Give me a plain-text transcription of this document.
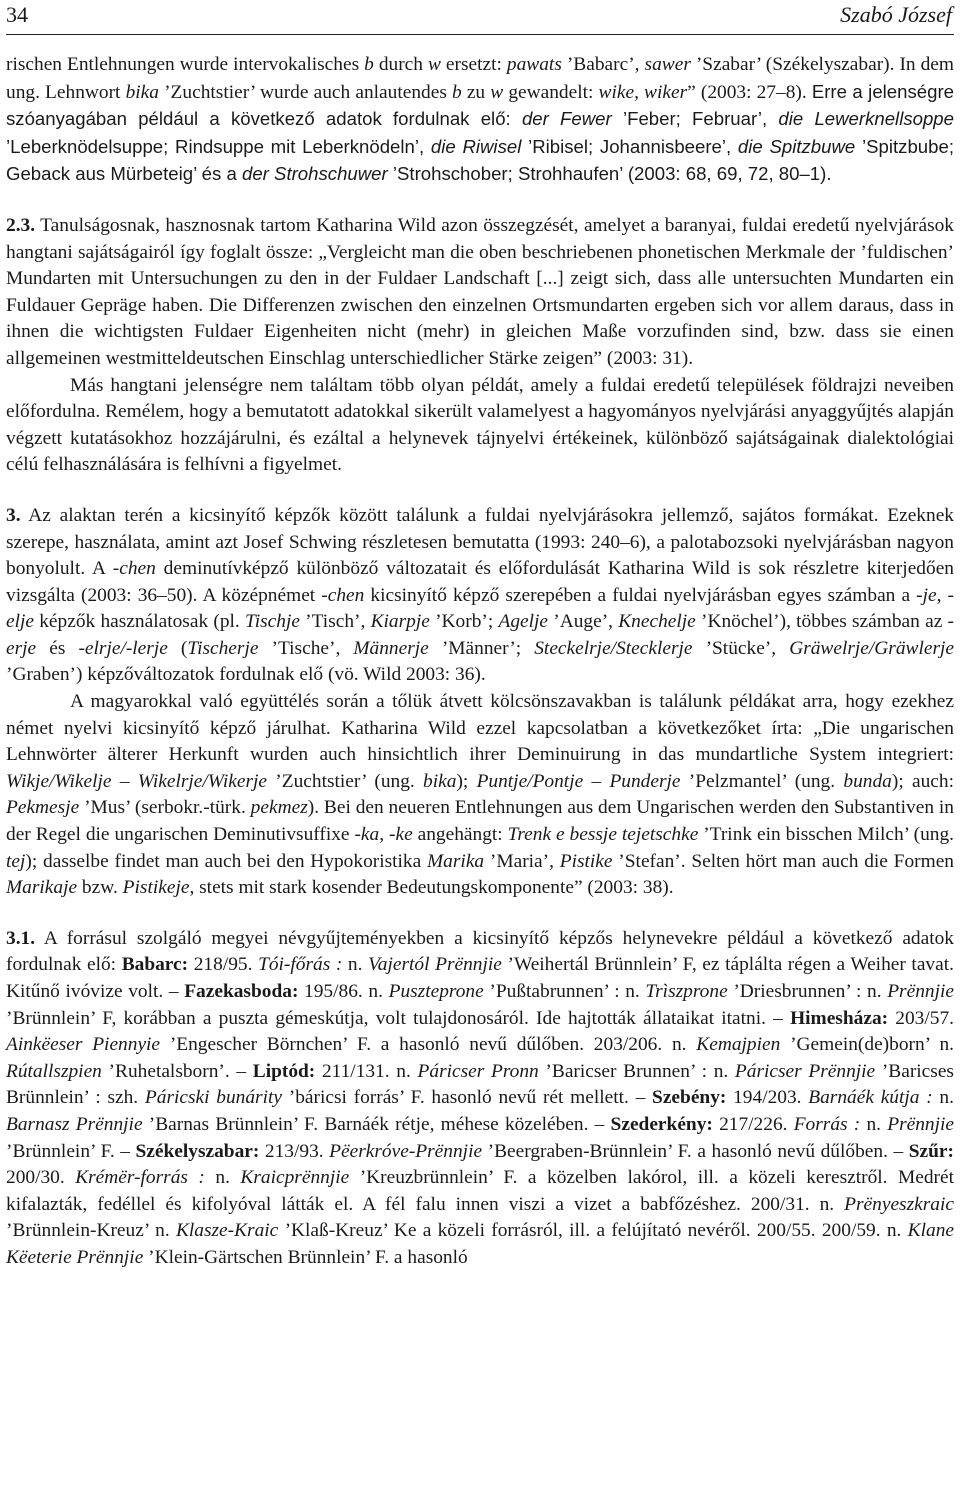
34	Szabó József

rischen Entlehnungen wurde intervokalisches b durch w ersetzt: pawats ’Babarc’, sawer ’Szabar’ (Székelyszabar). In dem ung. Lehnwort bika ’Zuchtstier’ wurde auch anlautendes b zu w gewandelt: wike, wiker” (2003: 27–8). Erre a jelenségre szóanyagában például a következő adatok fordulnak elő: der Fewer ’Feber; Februar’, die Lewerknellsoppe ’Leberknödelsuppe; Rindsuppe mit Leberknödeln’, die Riwisel ’Ribisel; Johannisbeere’, die Spitzbuwe ’Spitzbube; Geback aus Mürbeteig’ és a der Strohschuwer ’Strohschober; Strohhaufen’ (2003: 68, 69, 72, 80–1).

2.3. Tanulságosnak, hasznosnak tartom Katharina Wild azon összegzését, amelyet a baranyai, fuldai eredetű nyelvjárások hangtani sajátságairól így foglalt össze: „Vergleicht man die oben beschriebenen phonetischen Merkmale der ’fuldischen’ Mundarten mit Untersuchungen zu den in der Fuldaer Landschaft [...] zeigt sich, dass alle untersuchten Mundarten ein Fuldauer Gepräge haben. Die Differenzen zwischen den einzelnen Ortsmundarten ergeben sich vor allem daraus, dass in ihnen die wichtigsten Fuldaer Eigenheiten nicht (mehr) in gleichen Maße vorzufinden sind, bzw. dass sie einen allgemeinen westmitteldeutschen Einschlag unterschiedlicher Stärke zeigen” (2003: 31).

Más hangtani jelenségre nem találtam több olyan példát, amely a fuldai eredetű települések földrajzi neveiben előfordulna. Remélem, hogy a bemutatott adatokkal sikerült valamelyest a hagyományos nyelvjárási anyaggyűjtés alapján végzett kutatásokhoz hozzájárulni, és ezáltal a helynevek tájnyelvi értékeinek, különböző sajátságainak dialektológiai célú felhasználására is felhívni a figyelmet.

3. Az alaktan terén a kicsinyítő képzők között találunk a fuldai nyelvjárásokra jellemző, sajátos formákat. Ezeknek szerepe, használata, amint azt Josef Schwing részletesen bemutatta (1993: 240–6), a palotabozsoki nyelvjárásban nagyon bonyolult. A -chen deminutívképző különböző változatait és előfordulását Katharina Wild is sok részletre kiterjedően vizsgálta (2003: 36–50). A középnémet -chen kicsinyítő képző szerepében a fuldai nyelvjárásban egyes számban a -je, -elje képzők használatosak (pl. Tischje ’Tisch’, Kiarpje ’Korb’; Agelje ’Auge’, Knechelje ’Knöchel’), többes számban az -erje és -elrje/-lerje (Tischerje ’Tische’, Männerje ’Männer’; Steckelrje/Stecklerje ’Stücke’, Gräwelrje/Gräwlerje ’Graben’) képzőváltozatok fordulnak elő (vö. Wild 2003: 36).

A magyarokkal való együttélés során a tőlük átvett kölcsönszavakban is találunk példákat arra, hogy ezekhez német nyelvi kicsinyítő képző járulhat. Katharina Wild ezzel kapcsolatban a következőket írta: „Die ungarischen Lehnwörter älterer Herkunft wurden auch hinsichtlich ihrer Deminuirung in das mundartliche System integriert: Wikje/Wikelje – Wikelrje/Wikerje ’Zuchtstier’ (ung. bika); Puntje/Pontje – Punderje ’Pelzmantel’ (ung. bunda); auch: Pekmesje ’Mus’ (serbokr.-türk. pekmez). Bei den neueren Entlehnungen aus dem Ungarischen werden den Substantiven in der Regel die ungarischen Deminutivsuffixe -ka, -ke angehängt: Trenk e bessje tejetschke ’Trink ein bisschen Milch’ (ung. tej); dasselbe findet man auch bei den Hypokoristika Marika ’Maria’, Pistike ’Stefan’. Selten hört man auch die Formen Marikaje bzw. Pistikeje, stets mit stark kosender Bedeutungskomponente” (2003: 38).

3.1. A forrásul szolgáló megyei névgyűjteményekben a kicsinyítő képzős helynevekre például a következő adatok fordulnak elő: Babarc: 218/95. Tói-főrás : n. Vajertól Prënnjie ’Weihertál Brünnlein’ F, ez táplálta régen a Weiher tavat. Kitűnő ivóvize volt. – Fazekasboda: 195/86. n. Puszteprone ’Pußtabrunnen’ : n. Trìszprone ’Driesbrunnen’ : n. Prënnjie ’Brünnlein’ F, korábban a puszta gémeskútja, volt tulajdonosáról. Ide hajtották állataikat itatni. – Himesháza: 203/57. Ainkëeser Piennyie ’Engescher Börnchen’ F. a hasonló nevű dűlőben. 203/206. n. Kemajpien ’Gemein(de)born’ n. Rútallszpien ’Ruhetalsborn’. – Liptód: 211/131. n. Páricser Pronn ’Baricser Brunnen’ : n. Páricser Prënnjie ’Baricses Brünnlein’ : szh. Páricski bunárity ’báricsi forrás’ F. hasonló nevű rét mellett. – Szebény: 194/203. Barnáék kútja : n. Barnasz Prënnjie ’Barnas Brünnlein’ F. Barnáék rétje, méhese közelében. – Szederkény: 217/226. Forrás : n. Prënnjie ’Brünnlein’ F. – Székelyszabar: 213/93. Pëerkróve-Prënnjie ’Beergraben-Brünnlein’ F. a hasonló nevű dűlőben. – Szűr: 200/30. Krémër-forrás : n. Kraicprënnjie ’Kreuzbrünnlein’ F. a közelben lakórol, ill. a közeli keresztről. Medrét kifalazták, fedéllel és kifolyóval látták el. A fél falu innen viszi a vizet a babfőzéshez. 200/31. n. Prënyeszkraic ’Brünnlein-Kreuz’ n. Klasze-Kraic ’Klaß-Kreuz’ Ke a közeli forrásról, ill. a felújítató nevéről. 200/55. 200/59. n. Klane Këeterie Prënnjie ’Klein-Gärtschen Brünnlein’ F. a hasonló
